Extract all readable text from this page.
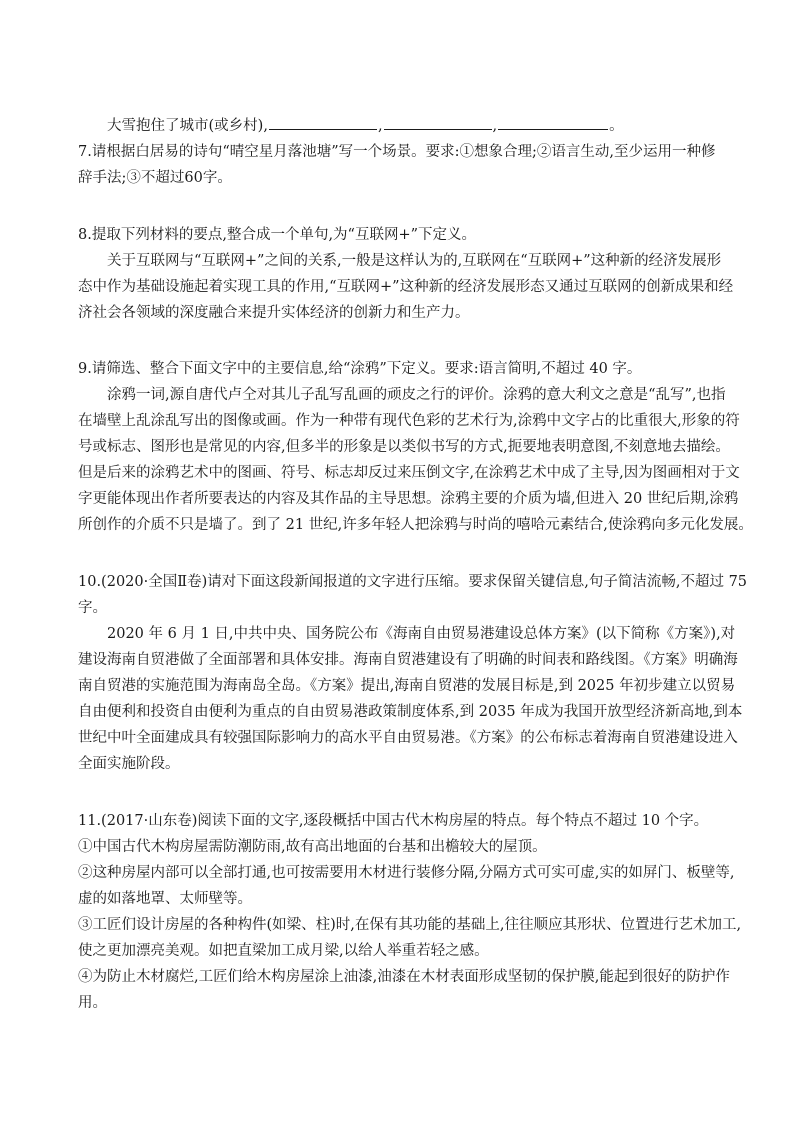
大雪抱住了城市(或乡村),	,	,	。
7.请根据白居易的诗句“晴空星月落池塘”写一个场景。要求:①想象合理;②语言生动,至少运用一种修
辞手法;③不超过60字。
8.提取下列材料的要点,整合成一个单句,为“互联网+”下定义。
关于互联网与“互联网+”之间的关系,一般是这样认为的,互联网在“互联网+”这种新的经济发展形
态中作为基础设施起着实现工具的作用,“互联网+”这种新的经济发展形态又通过互联网的创新成果和经
济社会各领域的深度融合来提升实体经济的创新力和生产力。
9.请筛选、整合下面文字中的主要信息,给“涂鸦”下定义。要求:语言简明,不超过 40 字。
涂鸦一词,源自唐代卢仝对其儿子乱写乱画的顽皮之行的评价。涂鸦的意大利文之意是“乱写”,也指
在墙壁上乱涂乱写出的图像或画。作为一种带有现代色彩的艺术行为,涂鸦中文字占的比重很大,形象的符
号或标志、图形也是常见的内容,但多半的形象是以类似书写的方式,扼要地表明意图,不刻意地去描绘。
但是后来的涂鸦艺术中的图画、符号、标志却反过来压倒文字,在涂鸦艺术中成了主导,因为图画相对于文
字更能体现出作者所要表达的内容及其作品的主导思想。涂鸦主要的介质为墙,但进入 20 世纪后期,涂鸦
所创作的介质不只是墙了。到了 21 世纪,许多年轻人把涂鸦与时尚的嘻哈元素结合,使涂鸦向多元化发展。
10.(2020·全国Ⅱ卷)请对下面这段新闻报道的文字进行压缩。要求保留关键信息,句子简洁流畅,不超过 75
字。
2020 年 6 月 1 日,中共中央、国务院公布《海南自由贸易港建设总体方案》(以下简称《方案》),对
建设海南自贸港做了全面部署和具体安排。海南自贸港建设有了明确的时间表和路线图。《方案》明确海
南自贸港的实施范围为海南岛全岛。《方案》提出,海南自贸港的发展目标是,到 2025 年初步建立以贸易
自由便利和投资自由便利为重点的自由贸易港政策制度体系,到 2035 年成为我国开放型经济新高地,到本
世纪中叶全面建成具有较强国际影响力的高水平自由贸易港。《方案》的公布标志着海南自贸港建设进入
全面实施阶段。
11.(2017·山东卷)阅读下面的文字,逐段概括中国古代木构房屋的特点。每个特点不超过 10 个字。
①中国古代木构房屋需防潮防雨,故有高出地面的台基和出檐较大的屋顶。
②这种房屋内部可以全部打通,也可按需要用木材进行装修分隔,分隔方式可实可虚,实的如屏门、板壁等,
虚的如落地罩、太师壁等。
③工匠们设计房屋的各种构件(如梁、柱)时,在保有其功能的基础上,往往顺应其形状、位置进行艺术加工,
使之更加漂亮美观。如把直梁加工成月梁,以给人举重若轻之感。
④为防止木材腐烂,工匠们给木构房屋涂上油漆,油漆在木材表面形成坚韧的保护膜,能起到很好的防护作
用。
